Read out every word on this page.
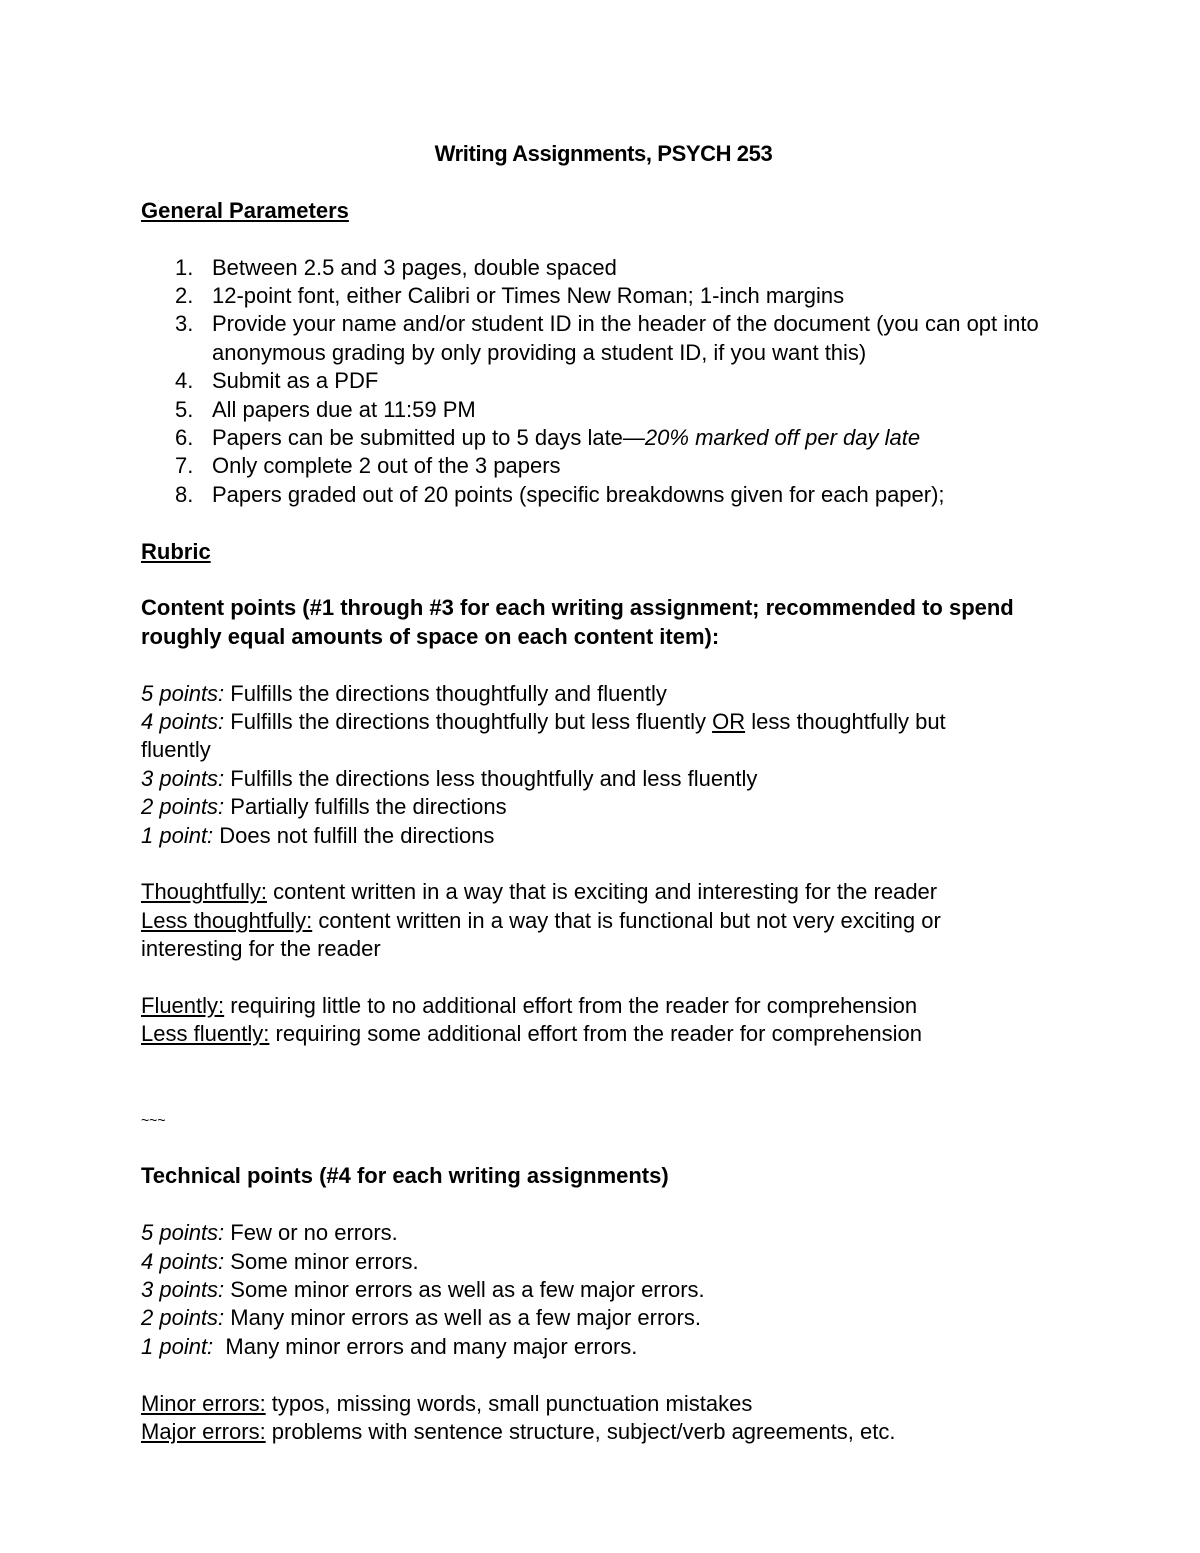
Writing Assignments, PSYCH 253

General Parameters

1. Between 2.5 and 3 pages, double spaced
2. 12-point font, either Calibri or Times New Roman; 1-inch margins
3. Provide your name and/or student ID in the header of the document (you can opt into anonymous grading by only providing a student ID, if you want this)
4. Submit as a PDF
5. All papers due at 11:59 PM
6. Papers can be submitted up to 5 days late—20% marked off per day late
7. Only complete 2 out of the 3 papers
8. Papers graded out of 20 points (specific breakdowns given for each paper);

Rubric

Content points (#1 through #3 for each writing assignment; recommended to spend

roughly equal amounts of space on each content item):

5 points: Fulfills the directions thoughtfully and fluently

4 points: Fulfills the directions thoughtfully but less fluently OR less thoughtfully but

fluently

3 points: Fulfills the directions less thoughtfully and less fluently

2 points: Partially fulfills the directions

1 point: Does not fulfill the directions

Thoughtfully: content written in a way that is exciting and interesting for the reader

Less thoughtfully: content written in a way that is functional but not very exciting or

interesting for the reader

Fluently: requiring little to no additional effort from the reader for comprehension

Less fluently: requiring some additional effort from the reader for comprehension

~~~

Technical points (#4 for each writing assignments)

5 points: Few or no errors.

4 points: Some minor errors.

3 points: Some minor errors as well as a few major errors.

2 points: Many minor errors as well as a few major errors.

1 point:  Many minor errors and many major errors.

Minor errors: typos, missing words, small punctuation mistakes

Major errors: problems with sentence structure, subject/verb agreements, etc.
